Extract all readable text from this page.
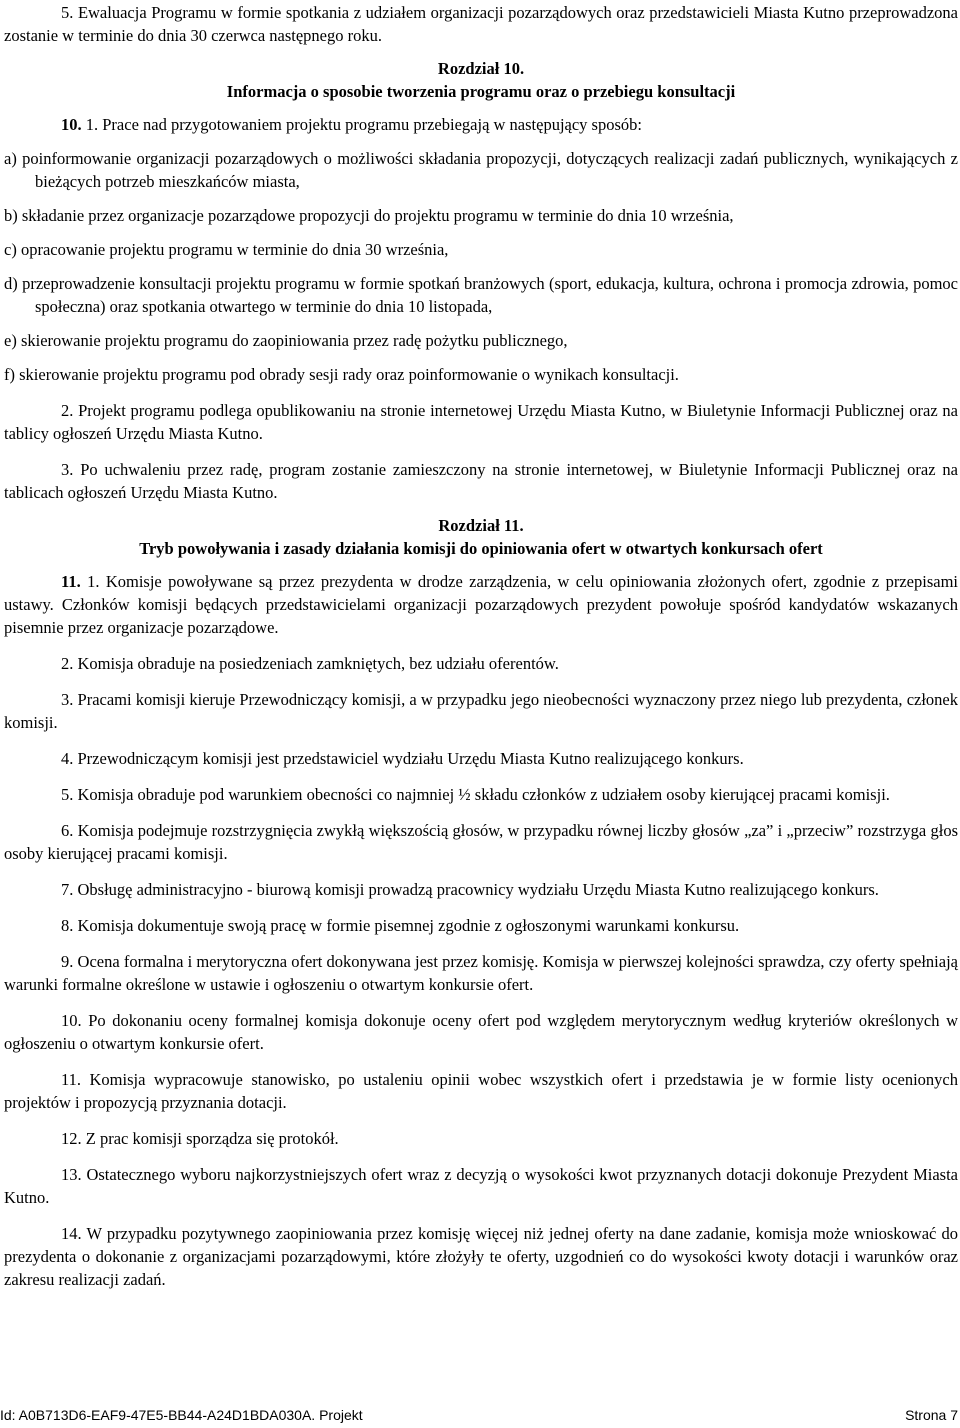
5. Ewaluacja Programu w formie spotkania z udziałem organizacji pozarządowych oraz przedstawicieli Miasta Kutno przeprowadzona zostanie w terminie do dnia 30 czerwca następnego roku.

Rozdział 10.

Informacja o sposobie tworzenia programu oraz o przebiegu konsultacji

10. 1. Prace nad przygotowaniem projektu programu przebiegają w następujący sposób:

a) poinformowanie organizacji pozarządowych o możliwości składania propozycji, dotyczących realizacji zadań publicznych, wynikających z bieżących potrzeb mieszkańców miasta,

b) składanie przez organizacje pozarządowe propozycji do projektu programu w terminie do dnia 10 września,

c) opracowanie projektu programu w terminie do dnia 30 września,

d) przeprowadzenie konsultacji projektu programu w formie spotkań branżowych (sport, edukacja, kultura, ochrona i promocja zdrowia, pomoc społeczna) oraz spotkania otwartego w terminie do dnia 10 listopada,

e) skierowanie projektu programu do zaopiniowania przez radę pożytku publicznego,

f) skierowanie projektu programu pod obrady sesji rady oraz poinformowanie o wynikach konsultacji.

2. Projekt programu podlega opublikowaniu na stronie internetowej Urzędu Miasta Kutno, w Biuletynie Informacji Publicznej oraz na tablicy ogłoszeń Urzędu Miasta Kutno.

3. Po uchwaleniu przez radę, program zostanie zamieszczony na stronie internetowej, w Biuletynie Informacji Publicznej oraz na tablicach ogłoszeń Urzędu Miasta Kutno.

Rozdział 11.

Tryb powoływania i zasady działania komisji do opiniowania ofert w otwartych konkursach ofert

11. 1. Komisje powoływane są przez prezydenta w drodze zarządzenia, w celu opiniowania złożonych ofert, zgodnie z przepisami ustawy. Członków komisji będących przedstawicielami organizacji pozarządowych prezydent powołuje spośród kandydatów wskazanych pisemnie przez organizacje pozarządowe.

2. Komisja obraduje na posiedzeniach zamkniętych, bez udziału oferentów.

3. Pracami komisji kieruje Przewodniczący komisji, a w przypadku jego nieobecności wyznaczony przez niego lub prezydenta, członek komisji.

4. Przewodniczącym komisji jest przedstawiciel wydziału Urzędu Miasta Kutno realizującego konkurs.

5. Komisja obraduje pod warunkiem obecności co najmniej ½ składu członków z udziałem osoby kierującej pracami komisji.

6. Komisja podejmuje rozstrzygnięcia zwykłą większością głosów, w przypadku równej liczby głosów „za” i „przeciw” rozstrzyga głos osoby kierującej pracami komisji.

7. Obsługę administracyjno - biurową komisji prowadzą pracownicy wydziału Urzędu Miasta Kutno realizującego konkurs.

8. Komisja dokumentuje swoją pracę w formie pisemnej zgodnie z ogłoszonymi warunkami konkursu.

9. Ocena formalna i merytoryczna ofert dokonywana jest przez komisję. Komisja w pierwszej kolejności sprawdza, czy oferty spełniają warunki formalne określone w ustawie i ogłoszeniu o otwartym konkursie ofert.

10. Po dokonaniu oceny formalnej komisja dokonuje oceny ofert pod względem merytorycznym według kryteriów określonych w ogłoszeniu o otwartym konkursie ofert.

11. Komisja wypracowuje stanowisko, po ustaleniu opinii wobec wszystkich ofert i przedstawia je w formie listy ocenionych projektów i propozycją przyznania dotacji.

12. Z prac komisji sporządza się protokół.

13. Ostatecznego wyboru najkorzystniejszych ofert wraz z decyzją o wysokości kwot przyznanych dotacji dokonuje Prezydent Miasta Kutno.

14. W przypadku pozytywnego zaopiniowania przez komisję więcej niż jednej oferty na dane zadanie, komisja może wnioskować do prezydenta o dokonanie z organizacjami pozarządowymi, które złożyły te oferty, uzgodnień co do wysokości kwoty dotacji i warunków oraz zakresu realizacji zadań.

Id: A0B713D6-EAF9-47E5-BB44-A24D1BDA030A. Projekt	Strona 7
